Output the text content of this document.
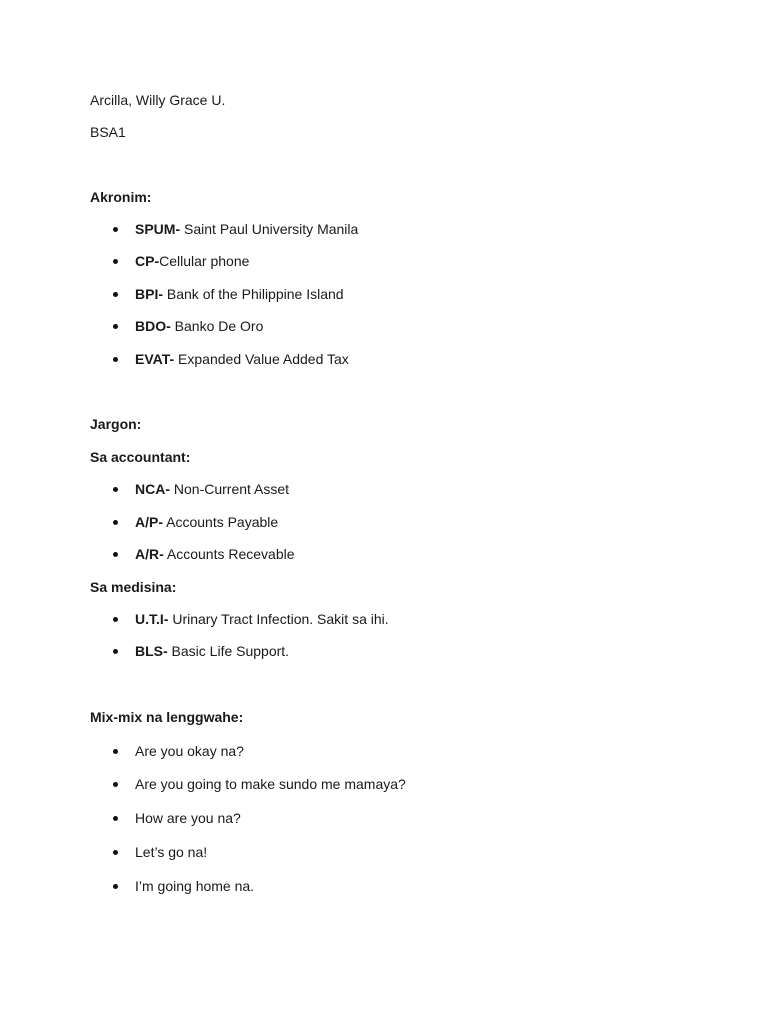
Arcilla, Willy Grace U.
BSA1
Akronim:
SPUM- Saint Paul University Manila
CP-Cellular phone
BPI- Bank of the Philippine Island
BDO- Banko De Oro
EVAT- Expanded Value Added Tax
Jargon:
Sa accountant:
NCA- Non-Current Asset
A/P- Accounts Payable
A/R- Accounts Recevable
Sa medisina:
U.T.I- Urinary Tract Infection. Sakit sa ihi.
BLS- Basic Life Support.
Mix-mix na lenggwahe:
Are you okay na?
Are you going to make sundo me mamaya?
How are you na?
Let’s go na!
I’m going home na.
